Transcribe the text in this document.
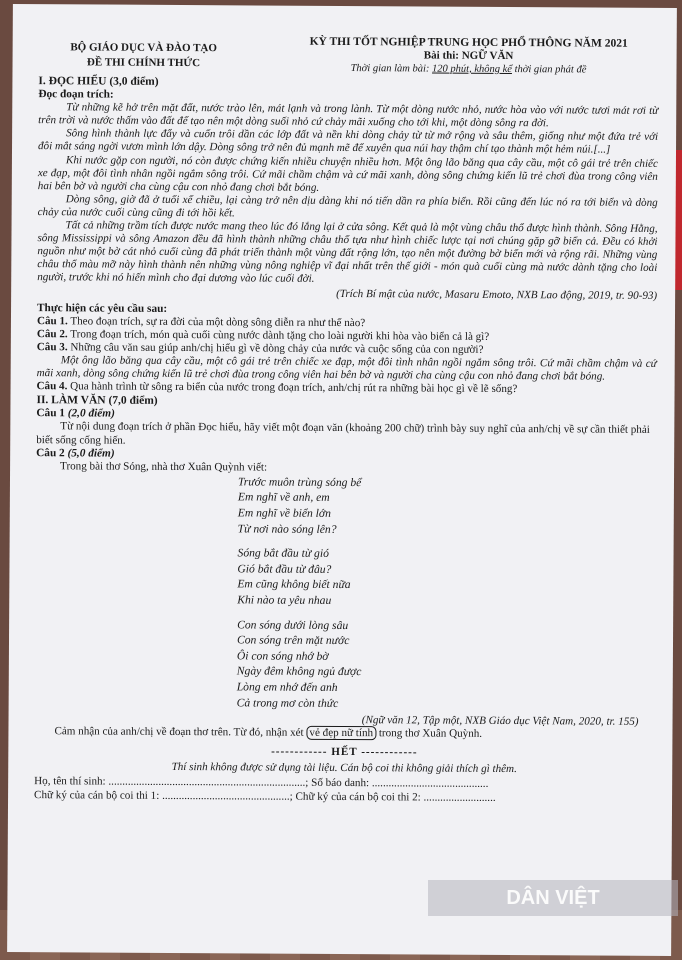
BỘ GIÁO DỤC VÀ ĐÀO TẠO
ĐỀ THI CHÍNH THỨC
KỲ THI TỐT NGHIỆP TRUNG HỌC PHỔ THÔNG NĂM 2021
Bài thi: NGỮ VĂN
Thời gian làm bài: 120 phút, không kể thời gian phát đề
I. ĐỌC HIỂU (3,0 điểm)
Đọc đoạn trích:

Từ những kẽ hở trên mặt đất, nước trào lên, mát lạnh và trong lành. Từ một dòng nước nhỏ, nước hòa vào với nước tươi mát rơi từ trên trời và nước thấm vào đất để tạo nên một dòng suối nhỏ cứ chảy mãi xuống cho tới khi, một dòng sông ra đời.

Sông hình thành lực đẩy và cuốn trôi dần các lớp đất và nền khi dòng chảy từ từ mở rộng và sâu thêm, giống như một đứa trẻ với đôi mắt sáng ngời vươn mình lớn dậy. Dòng sông trở nên đủ mạnh mẽ để xuyên qua núi hay thậm chí tạo thành một hẻm núi.[...]

Khi nước gặp con người, nó còn được chứng kiến nhiều chuyện nhiều hơn. Một ông lão băng qua cây cầu, một cô gái trẻ trên chiếc xe đạp, một đôi tình nhân ngồi ngắm sông trôi. Cứ mãi chầm chậm và cứ mãi xanh, dòng sông chứng kiến lũ trẻ chơi đùa trong công viên hai bên bờ và người cha cùng cậu con nhỏ đang chơi bắt bóng.

Dòng sông, giờ đã ở tuổi xế chiều, lại càng trở nên dịu dàng khi nó tiến dần ra phía biển. Rồi cũng đến lúc nó ra tới biển và dòng chảy của nước cuối cùng cũng đi tới hồi kết.

Tất cả những trầm tích được nước mang theo lúc đó lắng lại ở cửa sông. Kết quả là một vùng châu thổ được hình thành. Sông Hằng, sông Mississippi và sông Amazon đều đã hình thành những châu thổ tựa như hình chiếc lược tại nơi chúng gặp gỡ biển cả. Đều có khởi nguồn như một bờ cát nhỏ cuối cùng đã phát triển thành một vùng đất rộng lớn, tạo nên một đường bờ biển mới và rộng rãi. Những vùng châu thổ màu mỡ này hình thành nên những vùng nông nghiệp vĩ đại nhất trên thế giới - món quà cuối cùng mà nước dành tặng cho loài người, trước khi nó hiến mình cho đại dương vào lúc cuối đời.

(Trích Bí mật của nước, Masaru Emoto, NXB Lao động, 2019, tr. 90-93)
Thực hiện các yêu cầu sau:
Câu 1. Theo đoạn trích, sự ra đời của một dòng sông diễn ra như thế nào?
Câu 2. Trong đoạn trích, món quà cuối cùng nước dành tặng cho loài người khi hòa vào biển cả là gì?
Câu 3. Những câu văn sau giúp anh/chị hiểu gì về dòng chảy của nước và cuộc sống của con người?

Một ông lão băng qua cây cầu, một cô gái trẻ trên chiếc xe đạp, một đôi tình nhân ngồi ngắm sông trôi. Cứ mãi chầm chậm và cứ mãi xanh, dòng sông chứng kiến lũ trẻ chơi đùa trong công viên hai bên bờ và người cha cùng cậu con nhỏ đang chơi bắt bóng.

Câu 4. Qua hành trình từ sông ra biển của nước trong đoạn trích, anh/chị rút ra những bài học gì về lẽ sống?
II. LÀM VĂN (7,0 điểm)
Câu 1 (2,0 điểm)

Từ nội dung đoạn trích ở phần Đọc hiểu, hãy viết một đoạn văn (khoảng 200 chữ) trình bày suy nghĩ của anh/chị về sự cần thiết phải biết sống cống hiến.

Câu 2 (5,0 điểm)

Trong bài thơ Sóng, nhà thơ Xuân Quỳnh viết:

Trước muôn trùng sóng bể
Em nghĩ về anh, em
Em nghĩ về biển lớn
Từ nơi nào sóng lên?
Sóng bắt đầu từ gió
Gió bắt đầu từ đâu?
Em cũng không biết nữa
Khi nào ta yêu nhau
Con sóng dưới lòng sâu
Con sóng trên mặt nước
Ôi con sóng nhớ bờ
Ngày đêm không ngủ được
Lòng em nhớ đến anh
Cả trong mơ còn thức
(Ngữ văn 12, Tập một, NXB Giáo dục Việt Nam, 2020, tr. 155)
Cảm nhận của anh/chị về đoạn thơ trên. Từ đó, nhận xét vẻ đẹp nữ tính trong thơ Xuân Quỳnh.
------------ HẾT ------------
Thí sinh không được sử dụng tài liệu. Cán bộ coi thi không giải thích gì thêm.
Họ, tên thí sinh: .......................................................................; Số báo danh: ..........................................
Chữ ký của cán bộ coi thi 1: ..............................................; Chữ ký của cán bộ coi thi 2: ..........................
DÂN VIỆT
